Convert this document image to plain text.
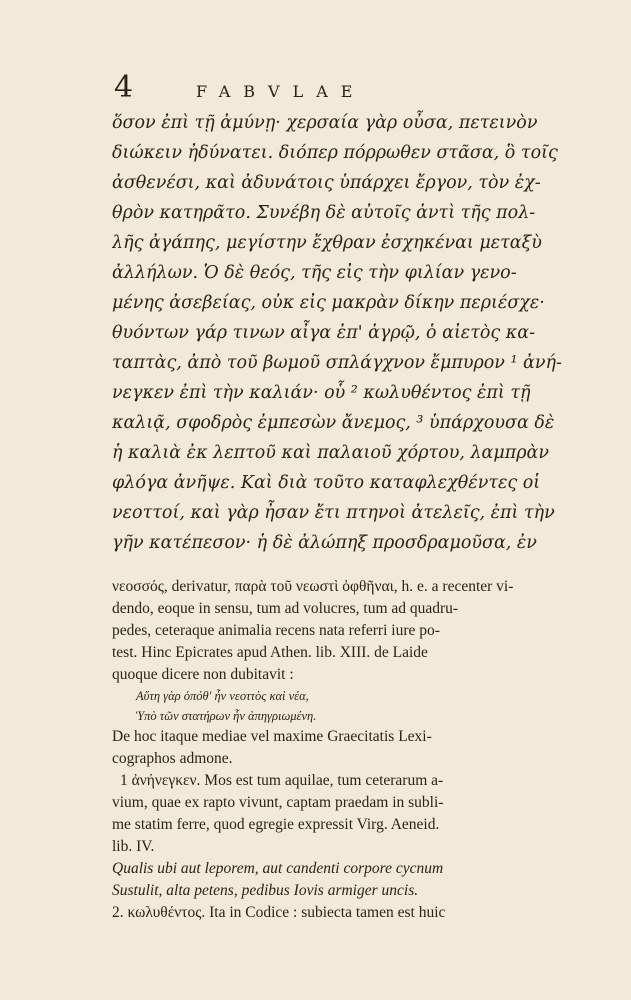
4	FABVLAE
ὅσον ἐπὶ τῇ ἀμύνῃ· χερσαία γὰρ οὖσα, πετεινὸν
διώκειν ἠδύνατει. διόπερ πόρρωθεν στᾶσα, ὃ τοῖς
ἀσθενέσι, καὶ ἀδυνάτοις ὑπάρχει ἔργον, τὸν ἐχ-
θρὸν κατηρᾶτο. Συνέβη δὲ αὐτοῖς ἀντὶ τῆς πολ-
λῆς ἀγάπης, μεγίστην ἔχθραν ἐσχηκέναι μεταξὺ
ἀλλήλων. Ὁ δὲ θεός, τῆς εἰς τὴν φιλίαν γενο-
μένης ἀσεβείας, οὐκ εἰς μακρὰν δίκην περιέσχε·
θυόντων γάρ τινων αἶγα ἐπ' ἀγρῷ, ὁ αἰετὸς κα-
ταπτὰς, ἀπὸ τοῦ βωμοῦ σπλάγχνον ἔμπυρον ¹ ἀνή-
νεγκεν ἐπὶ τὴν καλιάν· οὗ ² κωλυθέντος ἐπὶ τῇ
καλιᾷ, σφοδρὸς ἐμπεσὼν ἄνεμος, ³ ὑπάρχουσα δὲ
ἡ καλιὰ ἐκ λεπτοῦ καὶ παλαιοῦ χόρτου, λαμπρὰν
φλόγα ἀνῆψε. Καὶ διὰ τοῦτο καταφλεχθέντες οἱ
νεοττοί, καὶ γὰρ ἦσαν ἔτι πτηνοὶ ἀτελεῖς, ἐπὶ τὴν
γῆν κατέπεσον· ἡ δὲ ἀλώπηξ προσδραμοῦσα, ἐν
νεοσσός, derivatur, παρὰ τοῦ νεωστὶ ὀφθῆναι, h. e. a recenter vi-
dendo, eoque in sensu, tum ad volucres, tum ad quadru-
pedes, ceteraque animalia recens nata referri iure po-
test. Hinc Epicrates apud Athen. lib. XIII. de Laide
quoque dicere non dubitavit :
Αὕτη γὰρ ὁπόθ' ἦν νεοττὸς καὶ νέα,
Ὑπὸ τῶν στατήρων ἦν ἀπηγριωμένη.
De hoc itaque mediae vel maxime Graecitatis Lexi-
cographos admone.
1 ἀνήνεγκεν. Mos est tum aquilae, tum ceterarum a-
vium, quae ex rapto vivunt, captam praedam in subli-
me statim ferre, quod egregie expressit Virg. Aeneid.
lib. IV.
Qualis ubi aut leporem, aut candenti corpore cycnum
Sustulit, alta petens, pedibus Iovis armiger uncis.
2. κωλυθέντος. Ita in Codice : subiecta tamen est huic
